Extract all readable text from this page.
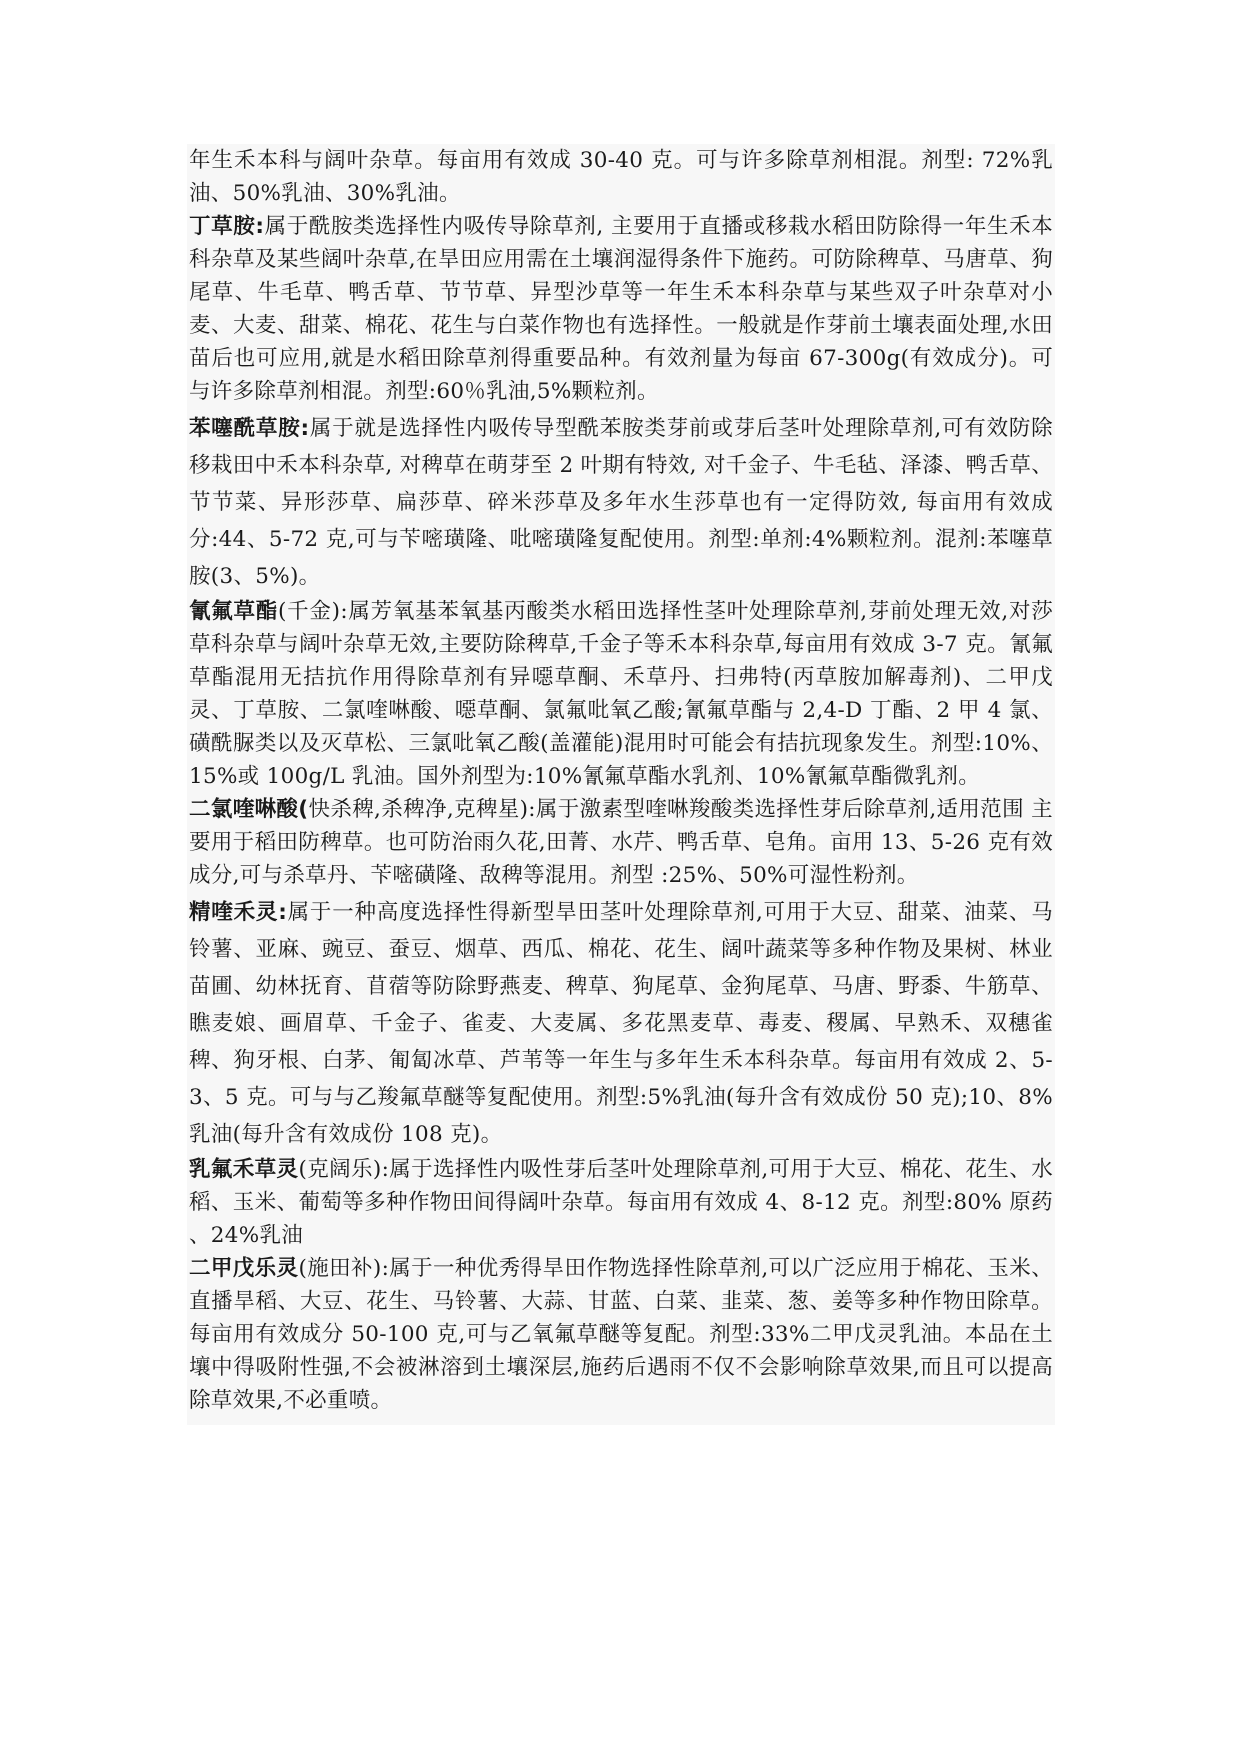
年生禾本科与阔叶杂草。每亩用有效成 30-40 克。可与许多除草剂相混。剂型: 72%乳油、50%乳油、30%乳油。

丁草胺:属于酰胺类选择性内吸传导除草剂, 主要用于直播或移栽水稻田防除得一年生禾本科杂草及某些阔叶杂草,在旱田应用需在土壤润湿得条件下施药。可防除稗草、马唐草、狗尾草、牛毛草、鸭舌草、节节草、异型沙草等一年生禾本科杂草与某些双子叶杂草对小麦、大麦、甜菜、棉花、花生与白菜作物也有选择性。一般就是作芽前土壤表面处理,水田苗后也可应用,就是水稻田除草剂得重要品种。有效剂量为每亩 67-300g(有效成分)。可与许多除草剂相混。剂型:60％乳油,5%颗粒剂。

苯噻酰草胺:属于就是选择性内吸传导型酰苯胺类芽前或芽后茎叶处理除草剂,可有效防除移栽田中禾本科杂草, 对稗草在萌芽至 2 叶期有特效, 对千金子、牛毛毡、泽漆、鸭舌草、节节菜、异形莎草、扁莎草、碎米莎草及多年水生莎草也有一定得防效, 每亩用有效成分:44、5-72 克,可与苄嘧璜隆、吡嘧璜隆复配使用。剂型:单剂:4%颗粒剂。混剂:苯噻草胺(3、5%)。

氰氟草酯(千金):属芳氧基苯氧基丙酸类水稻田选择性茎叶处理除草剂,芽前处理无效,对莎草科杂草与阔叶杂草无效,主要防除稗草,千金子等禾本科杂草,每亩用有效成 3-7 克。氰氟草酯混用无拮抗作用得除草剂有异噁草酮、禾草丹、扫弗特(丙草胺加解毒剂)、二甲戊灵、丁草胺、二氯喹啉酸、噁草酮、氯氟吡氧乙酸;氰氟草酯与 2,4-D 丁酯、2 甲 4 氯、磺酰脲类以及灭草松、三氯吡氧乙酸(盖灌能)混用时可能会有拮抗现象发生。剂型:10%、15%或 100g/L 乳油。国外剂型为:10%氰氟草酯水乳剂、10%氰氟草酯微乳剂。

二氯喹啉酸(快杀稗,杀稗净,克稗星):属于激素型喹啉羧酸类选择性芽后除草剂,适用范围 主要用于稻田防稗草。也可防治雨久花,田菁、水芹、鸭舌草、皂角。亩用 13、5-26 克有效成分,可与杀草丹、苄嘧磺隆、敌稗等混用。剂型 :25%、50%可湿性粉剂。

精喹禾灵:属于一种高度选择性得新型旱田茎叶处理除草剂,可用于大豆、甜菜、油菜、马铃薯、亚麻、豌豆、蚕豆、烟草、西瓜、棉花、花生、阔叶蔬菜等多种作物及果树、林业苗圃、幼林抚育、苜蓿等防除野燕麦、稗草、狗尾草、金狗尾草、马唐、野黍、牛筋草、瞧麦娘、画眉草、千金子、雀麦、大麦属、多花黑麦草、毒麦、稷属、早熟禾、双穗雀稗、狗牙根、白茅、匍匐冰草、芦苇等一年生与多年生禾本科杂草。每亩用有效成 2、5-3、5 克。可与与乙羧氟草醚等复配使用。剂型:5%乳油(每升含有效成份 50 克);10、8%乳油(每升含有效成份 108 克)。

乳氟禾草灵(克阔乐):属于选择性内吸性芽后茎叶处理除草剂,可用于大豆、棉花、花生、水稻、玉米、葡萄等多种作物田间得阔叶杂草。每亩用有效成 4、8-12 克。剂型:80% 原药 、24%乳油

二甲戊乐灵(施田补):属于一种优秀得旱田作物选择性除草剂,可以广泛应用于棉花、玉米、直播旱稻、大豆、花生、马铃薯、大蒜、甘蓝、白菜、韭菜、葱、姜等多种作物田除草。每亩用有效成分 50-100 克,可与乙氧氟草醚等复配。剂型:33%二甲戊灵乳油。本品在土壤中得吸附性强,不会被淋溶到土壤深层,施药后遇雨不仅不会影响除草效果,而且可以提高除草效果,不必重喷。
